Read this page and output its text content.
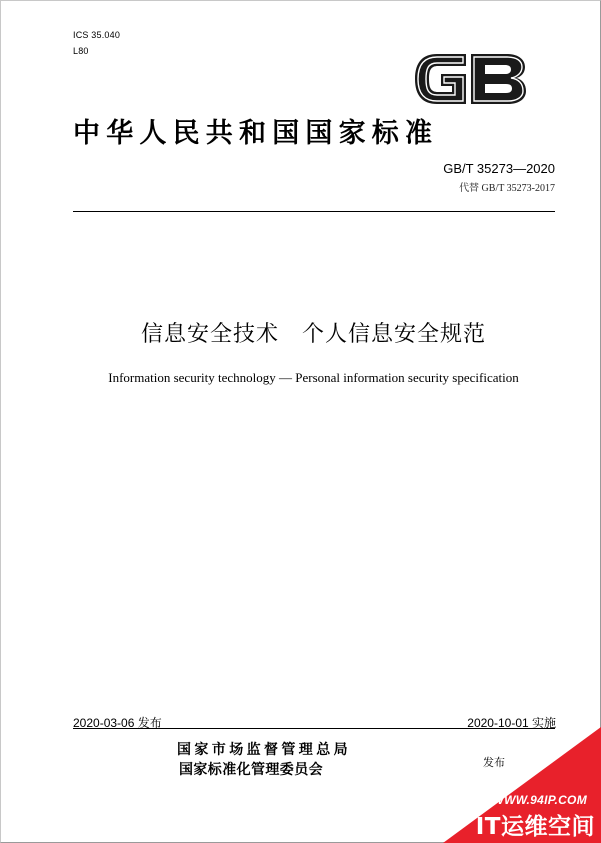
ICS 35.040
L80
中华人民共和国国家标准
GB/T 35273—2020
代替 GB/T 35273-2017
信息安全技术　个人信息安全规范
Information security technology — Personal information security specification
2020-03-06 发布	2020-10-01 实施
国家市场监督管理总局
国家标准化管理委员会	发布
WWW.94IP.COM
IT运维空间
